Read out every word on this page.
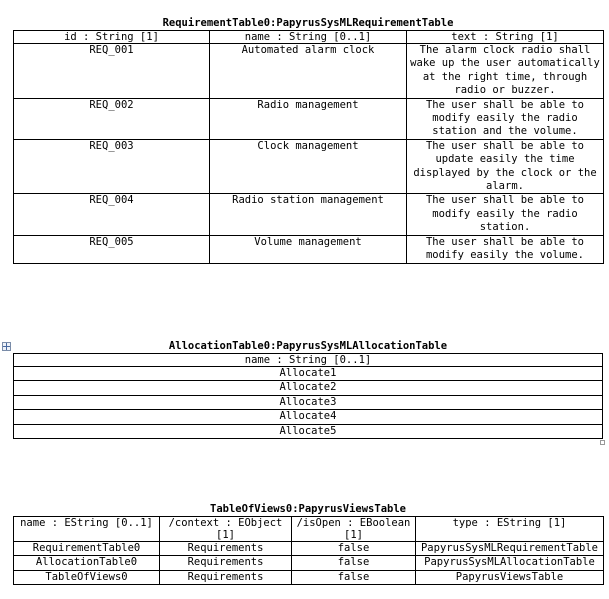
RequirementTable0:PapyrusSysMLRequirementTable
id : String [1]	name : String [0..1]	text : String [1]
REQ_001	Automated alarm clock	The alarm clock radio shall wake up the user automatically at the right time, through radio or buzzer.
REQ_002	Radio management	The user shall be able to modify easily the radio station and the volume.
REQ_003	Clock management	The user shall be able to update easily the time displayed by the clock or the alarm.
REQ_004	Radio station management	The user shall be able to modify easily the radio station.
REQ_005	Volume management	The user shall be able to modify easily the volume.
AllocationTable0:PapyrusSysMLAllocationTable
name : String [0..1]
Allocate1
Allocate2
Allocate3
Allocate4
Allocate5
TableOfViews0:PapyrusViewsTable
name : EString [0..1]	/context : EObject [1]	/isOpen : EBoolean [1]	type : EString [1]
RequirementTable0	Requirements	false	PapyrusSysMLRequirementTable
AllocationTable0	Requirements	false	PapyrusSysMLAllocationTable
TableOfViews0	Requirements	false	PapyrusViewsTable
